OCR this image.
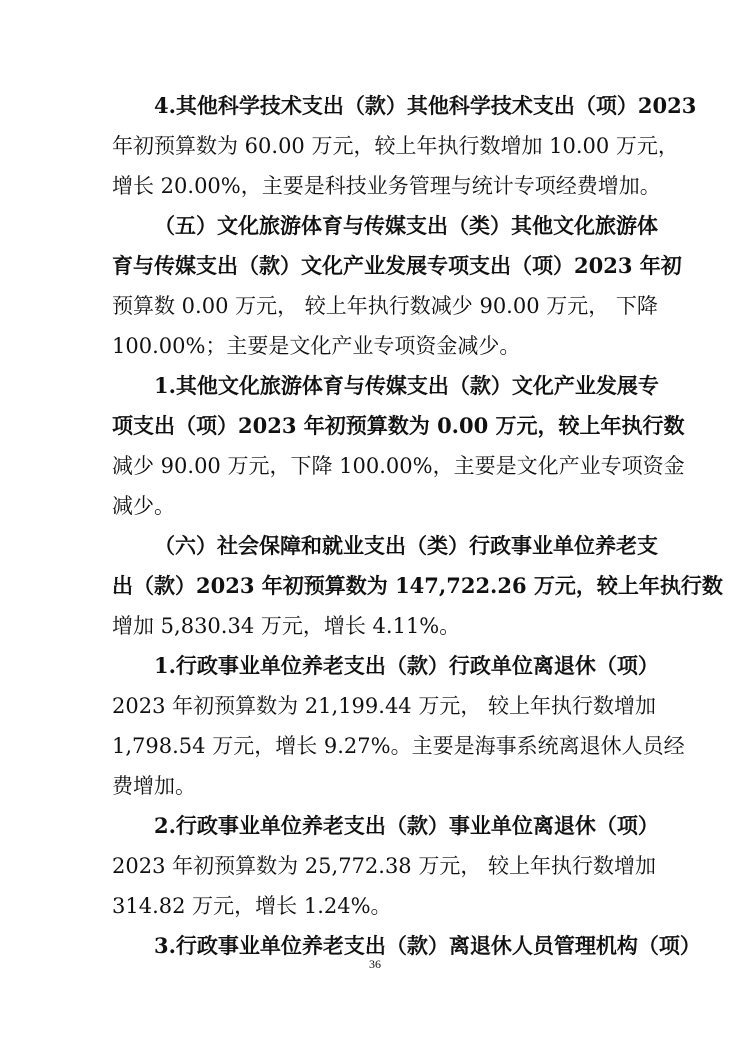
4.其他科学技术支出（款）其他科学技术支出（项）2023
年初预算数为 60.00 万元，较上年执行数增加 10.00 万元，
增长 20.00%，主要是科技业务管理与统计专项经费增加。
（五）文化旅游体育与传媒支出（类）其他文化旅游体
育与传媒支出（款）文化产业发展专项支出（项）2023 年初
预算数 0.00 万元， 较上年执行数减少 90.00 万元， 下降
100.00%；主要是文化产业专项资金减少。
1.其他文化旅游体育与传媒支出（款）文化产业发展专
项支出（项）2023 年初预算数为 0.00 万元，较上年执行数
减少 90.00 万元，下降 100.00%，主要是文化产业专项资金
减少。
（六）社会保障和就业支出（类）行政事业单位养老支
出（款）2023 年初预算数为 147,722.26 万元，较上年执行数
增加 5,830.34 万元，增长 4.11%。
1.行政事业单位养老支出（款）行政单位离退休（项）
2023 年初预算数为 21,199.44 万元， 较上年执行数增加
1,798.54 万元，增长 9.27%。主要是海事系统离退休人员经
费增加。
2.行政事业单位养老支出（款）事业单位离退休（项）
2023 年初预算数为 25,772.38 万元， 较上年执行数增加
314.82 万元，增长 1.24%。
3.行政事业单位养老支出（款）离退休人员管理机构（项）
36
